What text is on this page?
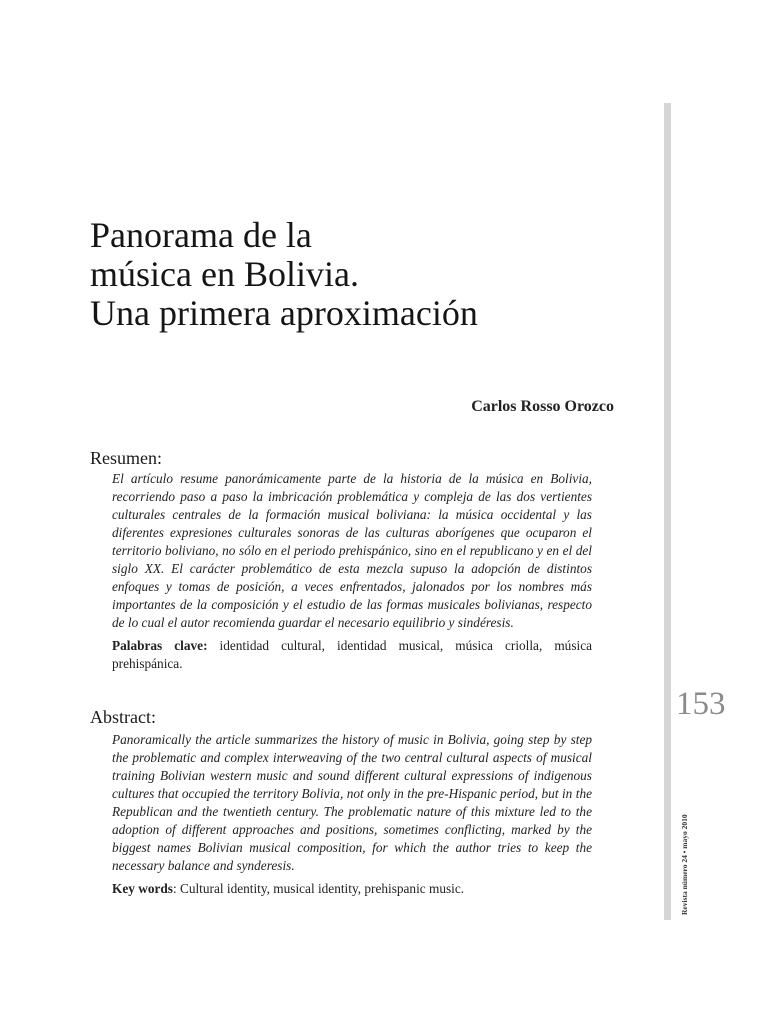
Panorama de la
música en Bolivia.
Una primera aproximación
Carlos Rosso Orozco
Resumen:

El artículo resume panorámicamente parte de la historia de la música en Bolivia, recorriendo paso a paso la imbricación problemática y compleja de las dos vertientes culturales centrales de la formación musical boliviana: la música occidental y las diferentes expresiones culturales sonoras de las culturas aborígenes que ocuparon el territorio boliviano, no sólo en el periodo prehispánico, sino en el republicano y en el del siglo XX. El carácter problemático de esta mezcla supuso la adopción de distintos enfoques y tomas de posición, a veces enfrentados, jalonados por los nombres más importantes de la composición y el estudio de las formas musicales bolivianas, respecto de lo cual el autor recomienda guardar el necesario equilibrio y sindéresis.

Palabras clave: identidad cultural, identidad musical, música criolla, música prehispánica.

Abstract:

Panoramically the article summarizes the history of music in Bolivia, going step by step the problematic and complex interweaving of the two central cultural aspects of musical training Bolivian western music and sound different cultural expressions of indigenous cultures that occupied the territory Bolivia, not only in the pre-Hispanic period, but in the Republican and the twentieth century. The problematic nature of this mixture led to the adoption of different approaches and positions, sometimes conflicting, marked by the biggest names Bolivian musical composition, for which the author tries to keep the necessary balance and synderesis.

Key words: Cultural identity, musical identity, prehispanic music.

153
Revista número 24 • mayo 2010
